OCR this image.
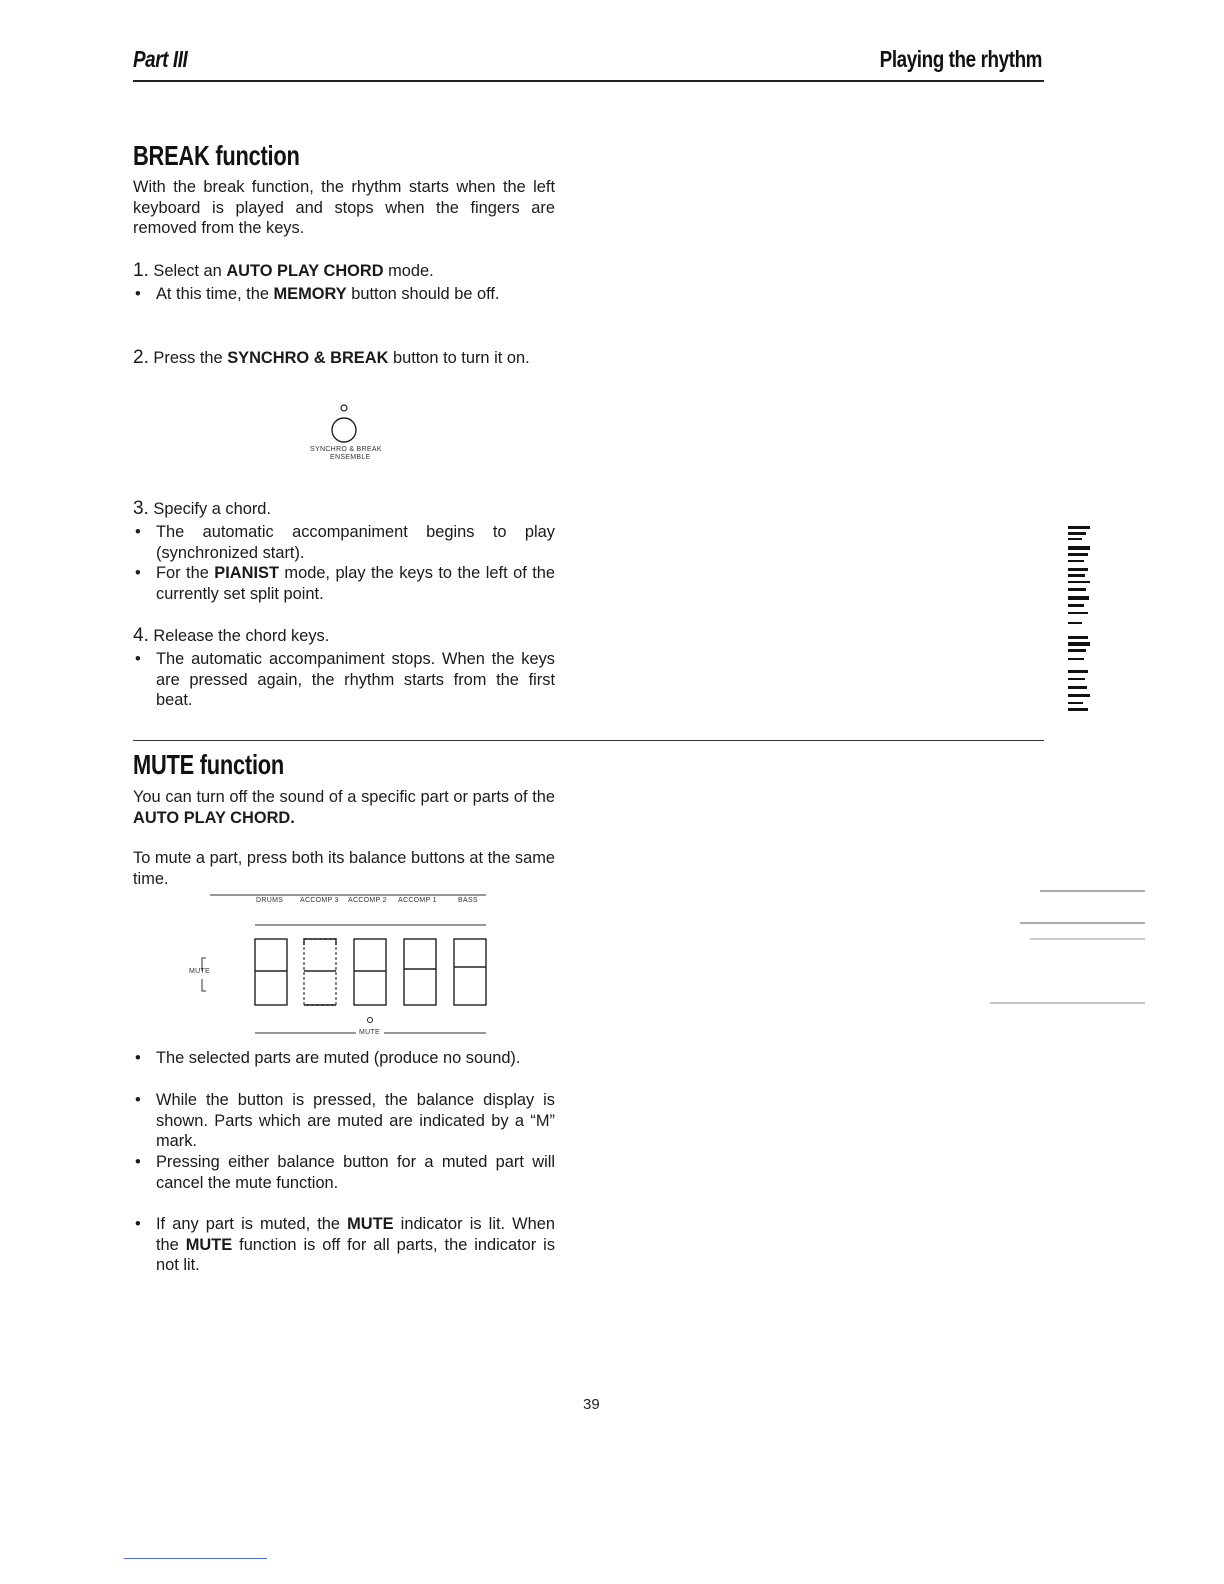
Part III	Playing the rhythm
BREAK function
With the break function, the rhythm starts when the left keyboard is played and stops when the fingers are removed from the keys.
1. Select an AUTO PLAY CHORD mode.
• At this time, the MEMORY button should be off.
2. Press the SYNCHRO & BREAK button to turn it on.
SYNCHRO & BREAK
ENSEMBLE
3. Specify a chord.
• The automatic accompaniment begins to play (synchronized start).
• For the PIANIST mode, play the keys to the left of the currently set split point.
4. Release the chord keys.
• The automatic accompaniment stops. When the keys are pressed again, the rhythm starts from the first beat.
MUTE function
You can turn off the sound of a specific part or parts of the AUTO PLAY CHORD.
To mute a part, press both its balance buttons at the same time.
DRUMS ACCOMP 3 ACCOMP 2 ACCOMP 1	BASS
MUTE
MUTE
• The selected parts are muted (produce no sound).
• While the button is pressed, the balance display is shown. Parts which are muted are indicated by a “M” mark.
• Pressing either balance button for a muted part will cancel the mute function.
• If any part is muted, the MUTE indicator is lit. When the MUTE function is off for all parts, the indicator is not lit.
39
